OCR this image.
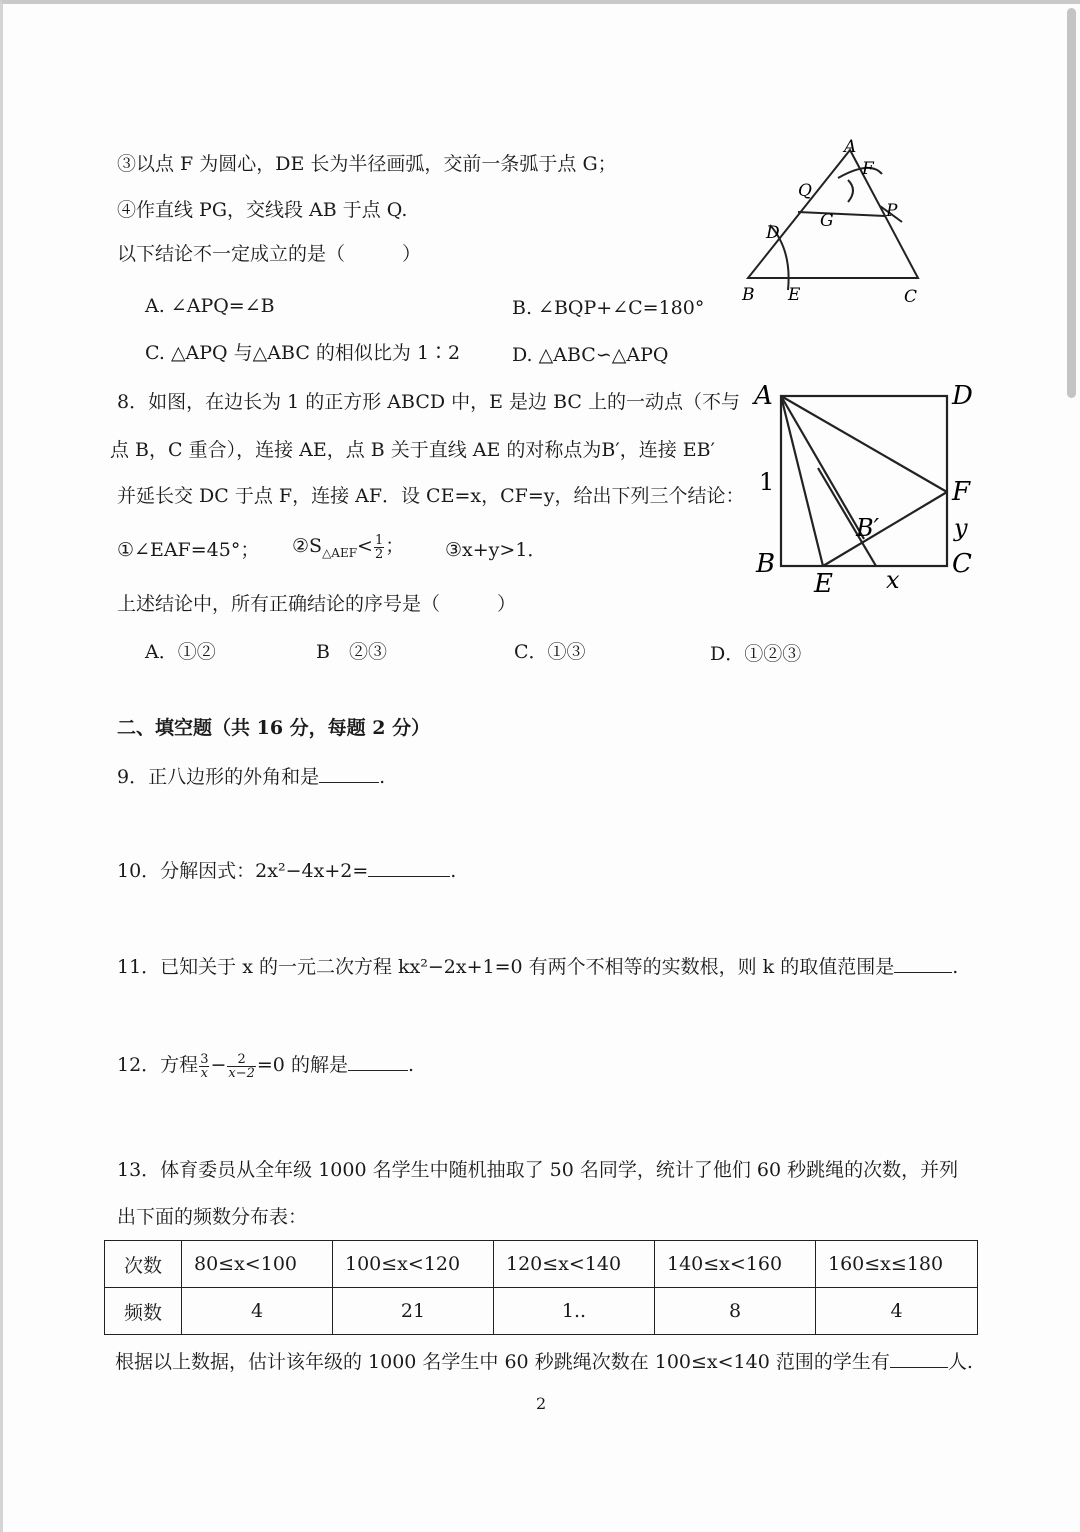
③以点 F 为圆心，DE 长为半径画弧，交前一条弧于点 G；
④作直线 PG，交线段 AB 于点 Q.
以下结论不一定成立的是（　　　）
A. ∠APQ=∠B	B. ∠BQP+∠C=180°
C. △APQ 与△ABC 的相似比为 1∶2	D. △ABC∽△APQ
A
F
Q
G	P
D
B E	C
8．如图，在边长为 1 的正方形 ABCD 中，E 是边 BC 上的一动点（不与
点 B，C 重合），连接 AE，点 B 关于直线 AE 的对称点为B′，连接 EB′
并延长交 DC 于点 F，连接 AF．设 CE=x，CF=y，给出下列三个结论：
①∠EAF=45°； $②S_{\triangle AEF}< \frac{1}{2}$ ； ③x+y>1．
上述结论中，所有正确结论的序号是（　　　）
A．①②	B　②③	C．①③	D．①②③
A	D
1	F
y
B′
B	C
E x
二、填空题（共 16 分，每题 2 分）
9．正八边形的外角和是	.
10．分解因式：2x²−4x+2=	.
11．已知关于 x 的一元二次方程 kx²−2x+1=0 有两个不相等的实数根，则 k 的取值范围是	.
12．方程 $\frac{3}{x} - \frac{2}{x-2} =0$ 的解是	.
13．体育委员从全年级 1000 名学生中随机抽取了 50 名同学，统计了他们 60 秒跳绳的次数，并列
出下面的频数分布表：
次数	80≤x<100	100≤x<120	120≤x<140	140≤x<160	160≤x≤180
频数	4	21	1..	8	4
根据以上数据，估计该年级的 1000 名学生中 60 秒跳绳次数在 100≤x<140 范围的学生有	人.
2
